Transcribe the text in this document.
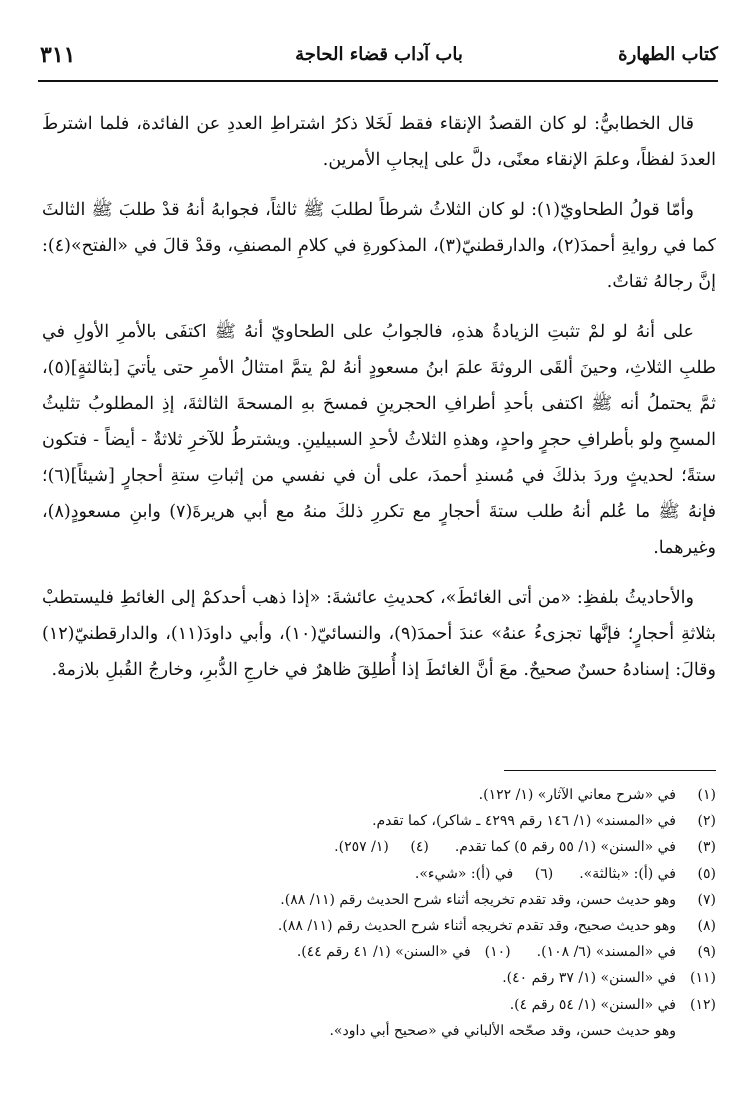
كتاب الطهارة
باب آداب قضاء الحاجة
٣١١

قال الخطابيُّ: لو كان القصدُ الإنقاء فقط لَخَلا ذكرُ اشتراطِ العددِ عن الفائدة، فلما اشترطَ العددَ لفظاً، وعلمَ الإنقاء معنًى، دلَّ على إيجابِ الأمرين.

وأمّا قولُ الطحاويّ(١): لو كان الثلاثُ شرطاً لطلبَ ﷺ ثالثاً، فجوابهُ أنهُ قدْ طلبَ ﷺ الثالثَ كما في روايةِ أحمدَ(٢)، والدارقطنيّ(٣)، المذكورةِ في كلامِ المصنفِ، وقدْ قالَ في «الفتح»(٤): إنَّ رجالهُ ثقاتٌ.

على أنهُ لو لمْ تثبتِ الزيادةُ هذهِ، فالجوابُ على الطحاويّ أنهُ ﷺ اكتفَى بالأمرِ الأولِ في طلبِ الثلاثِ، وحينَ ألقَى الروثةَ علمَ ابنُ مسعودٍ أنهُ لمْ يتمَّ امتثالُ الأمرِ حتى يأتيَ [بثالثةٍ](٥)، ثمَّ يحتملُ أنه ﷺ اكتفى بأحدِ أطرافِ الحجرينِ فمسحَ بهِ المسحةَ الثالثةَ، إذِ المطلوبُ تثليثُ المسحِ ولو بأطرافِ حجرٍ واحدٍ، وهذهِ الثلاثُ لأحدِ السبيلينِ. ويشترطُ للآخرِ ثلاثةٌ - أيضاً - فتكون ستةً؛ لحديثٍ وردَ بذلكَ في مُسندِ أحمدَ، على أن في نفسي من إثباتِ ستةِ أحجارٍ [شيئاً](٦)؛ فإنهُ ﷺ ما عُلم أنهُ طلب ستةَ أحجارٍ مع تكررِ ذلكَ منهُ مع أبي هريرةَ(٧) وابنِ مسعودٍ(٨)، وغيرهما.

والأحاديثُ بلفظِ: «من أتى الغائطَ»، كحديثِ عائشةَ: «إذا ذهب أحدكمْ إلى الغائطِ فليستطبْ بثلاثةِ أحجارٍ؛ فإنَّها تجزىءُ عنهُ» عندَ أحمدَ(٩)، والنسائيّ(١٠)، وأبي داودَ(١١)، والدارقطنيّ(١٢) وقالَ: إسنادهُ حسنٌ صحيحٌ. معَ أنَّ الغائطَ إذا أُطلِقَ ظاهرٌ في خارجِ الدُّبرِ، وخارجُ القُبلِ بلازمهْ.

(١)في «شرح معاني الآثار» (١/ ١٢٢).
(٢)في «المسند» (١/ ١٤٦ رقم ٤٢٩٩ ـ شاكر)، كما تقدم.
(٣)في «السنن» (١/ ٥٥ رقم ٥) كما تقدم.(٤)(١/ ٢٥٧).
(٥)في (أ): «بثالثة».(٦)في (أ): «شيء».
(٧)وهو حديث حسن، وقد تقدم تخريجه أثناء شرح الحديث رقم (١١/ ٨٨).
(٨)وهو حديث صحيح، وقد تقدم تخريجه أثناء شرح الحديث رقم (١١/ ٨٨).
(٩)في «المسند» (٦/ ١٠٨).(١٠)في «السنن» (١/ ٤١ رقم ٤٤).
(١١)في «السنن» (١/ ٣٧ رقم ٤٠).
(١٢)في «السنن» (١/ ٥٤ رقم ٤).
وهو حديث حسن، وقد صحّحه الألباني في «صحيح أبي داود».
